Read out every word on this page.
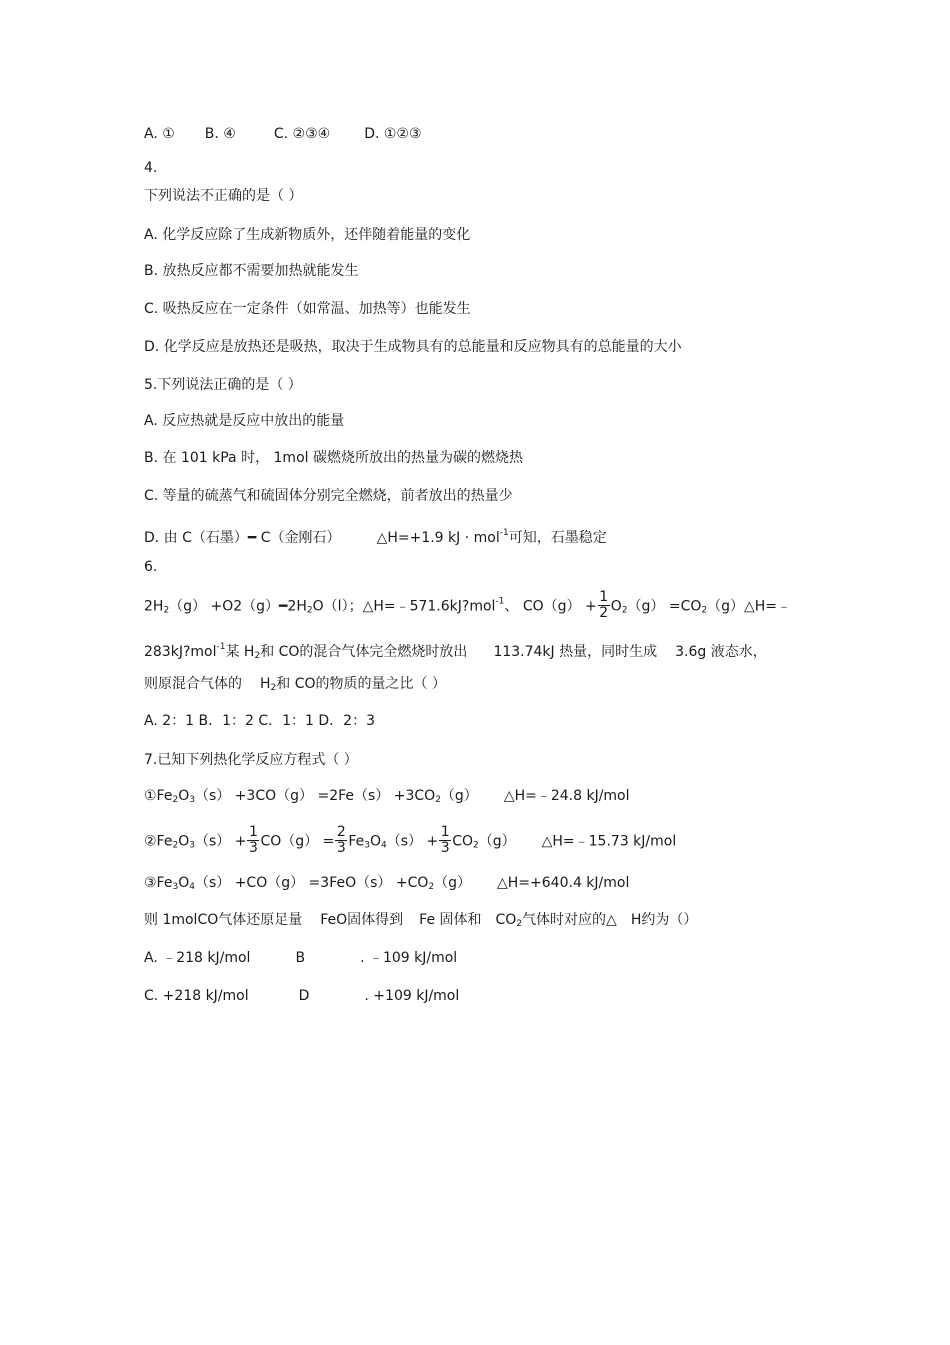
A. ① B. ④	C. ②③④ D. ①②③
4.
下列说法不正确的是（ ）
A. 化学反应除了生成新物质外，还伴随着能量的变化
B. 放热反应都不需要加热就能发生
C. 吸热反应在一定条件（如常温、加热等）也能发生
D. 化学反应是放热还是吸热，取决于生成物具有的总能量和反应物具有的总能量的大小
5.下列说法正确的是（ ）
A. 反应热就是反应中放出的能量
B. 在 101 kPa 时， 1mol 碳燃烧所放出的热量为碳的燃烧热
C. 等量的硫蒸气和硫固体分别完全燃烧，前者放出的热量少
D. 由 C（石墨）━ C（金刚石）	△H=+1.9 kJ · mol$^{-1}$可知，石墨稳定
6.
$2H_2(g)$ $+O2(g)━2H_2O(l)$；△H=﹣571.6kJ?mol$^{-1}$、 $CO(g) + \frac{1}{2} O_2(g)$ $=CO_2(g)\triangle H=﹣$
283kJ?mol$^{-1}$某 $H_2$和 CO的混合气体完全燃烧时放出 113.74kJ 热量，同时生成 3.6g 液态水，
则原混合气体的 $H_2$和 CO的物质的量之比（ ）
A. 2：1 B．1：2 C．1：1 D．2：3
7.已知下列热化学反应方程式（ ）
$①Fe_2O_3(s) +3CO(g) =2Fe(s) +3CO_2(g)$ △H=﹣24.8 kJ/mol
$②Fe_2O_3(s) + \frac{1}{3} CO(g) = \frac{2}{3} Fe_3O_4(s) + \frac{1}{3} CO_2(g)$ △H=﹣15.73 kJ/mol
$③Fe_3O_4(s) +CO(g) =3FeO(s) +CO_2(g)$ △H=+640.4 kJ/mol
则 1molCO气体还原足量 FeO固体得到 Fe 固体和 $CO_2$气体时对应的△ H约为（）
A. ﹣218 kJ/mol	B	. ﹣109 kJ/mol
C. +218 kJ/mol	D	. +109 kJ/mol
